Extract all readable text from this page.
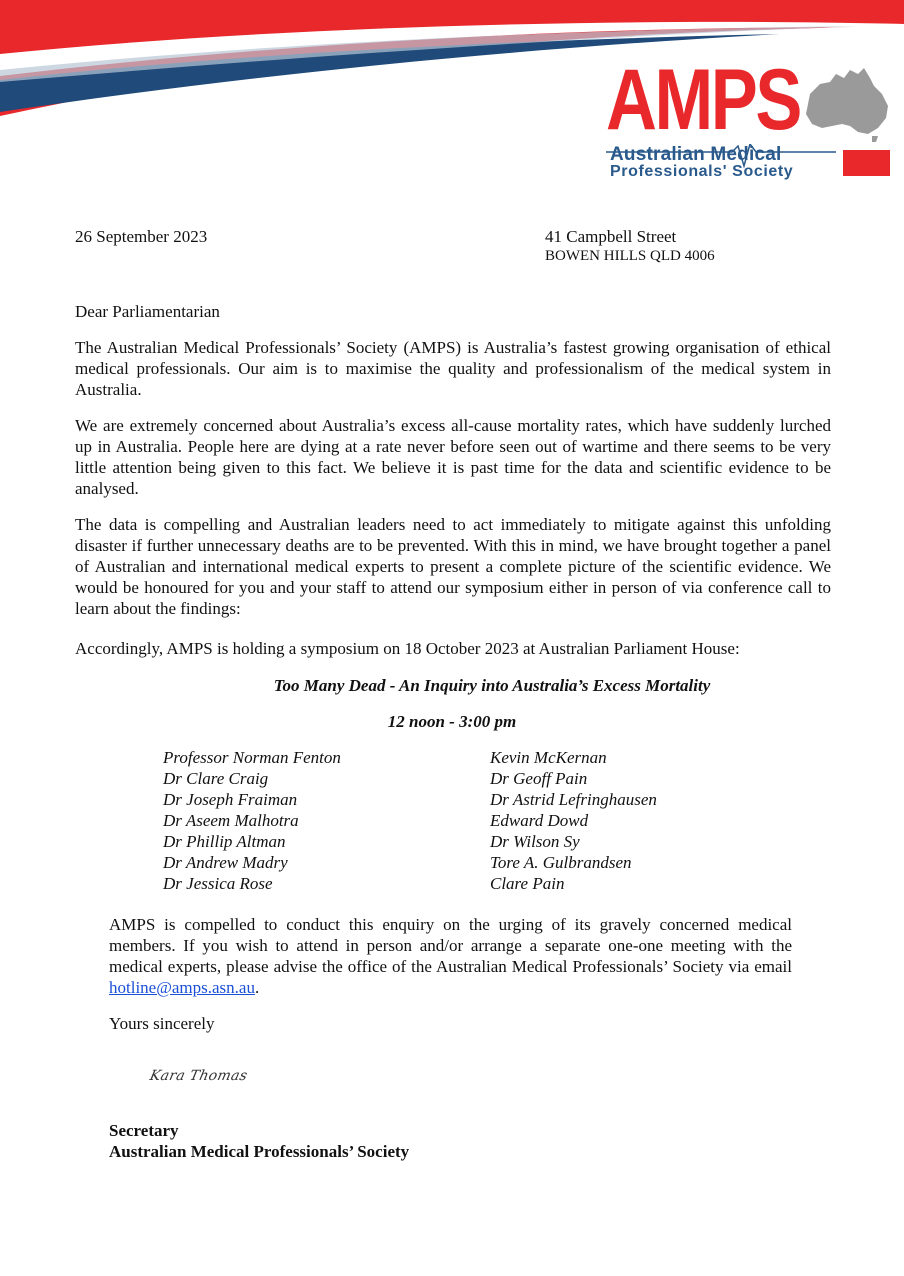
AMPS
Australian Medical
Professionals' Society
26 September 2023	41 Campbell Street
BOWEN HILLS QLD 4006
Dear Parliamentarian
The Australian Medical Professionals’ Society (AMPS) is Australia’s fastest growing organisation of ethical medical professionals. Our aim is to maximise the quality and professionalism of the medical system in Australia.
We are extremely concerned about Australia’s excess all-cause mortality rates, which have suddenly lurched up in Australia. People here are dying at a rate never before seen out of wartime and there seems to be very little attention being given to this fact. We believe it is past time for the data and scientific evidence to be analysed.
The data is compelling and Australian leaders need to act immediately to mitigate against this unfolding disaster if further unnecessary deaths are to be prevented. With this in mind, we have brought together a panel of Australian and international medical experts to present a complete picture of the scientific evidence. We would be honoured for you and your staff to attend our symposium either in person of via conference call to learn about the findings:
Accordingly, AMPS is holding a symposium on 18 October 2023 at Australian Parliament House:
Too Many Dead - An Inquiry into Australia’s Excess Mortality
12 noon - 3:00 pm
Professor Norman Fenton
Dr Clare Craig
Dr Joseph Fraiman
Dr Aseem Malhotra
Dr Phillip Altman
Dr Andrew Madry
Dr Jessica Rose
Kevin McKernan
Dr Geoff Pain
Dr Astrid Lefringhausen
Edward Dowd
Dr Wilson Sy
Tore A. Gulbrandsen
Clare Pain
AMPS is compelled to conduct this enquiry on the urging of its gravely concerned medical members. If you wish to attend in person and/or arrange a separate one-one meeting with the medical experts, please advise the office of the Australian Medical Professionals’ Society via email hotline@amps.asn.au.
Yours sincerely
Kara Thomas
Secretary
Australian Medical Professionals’ Society
